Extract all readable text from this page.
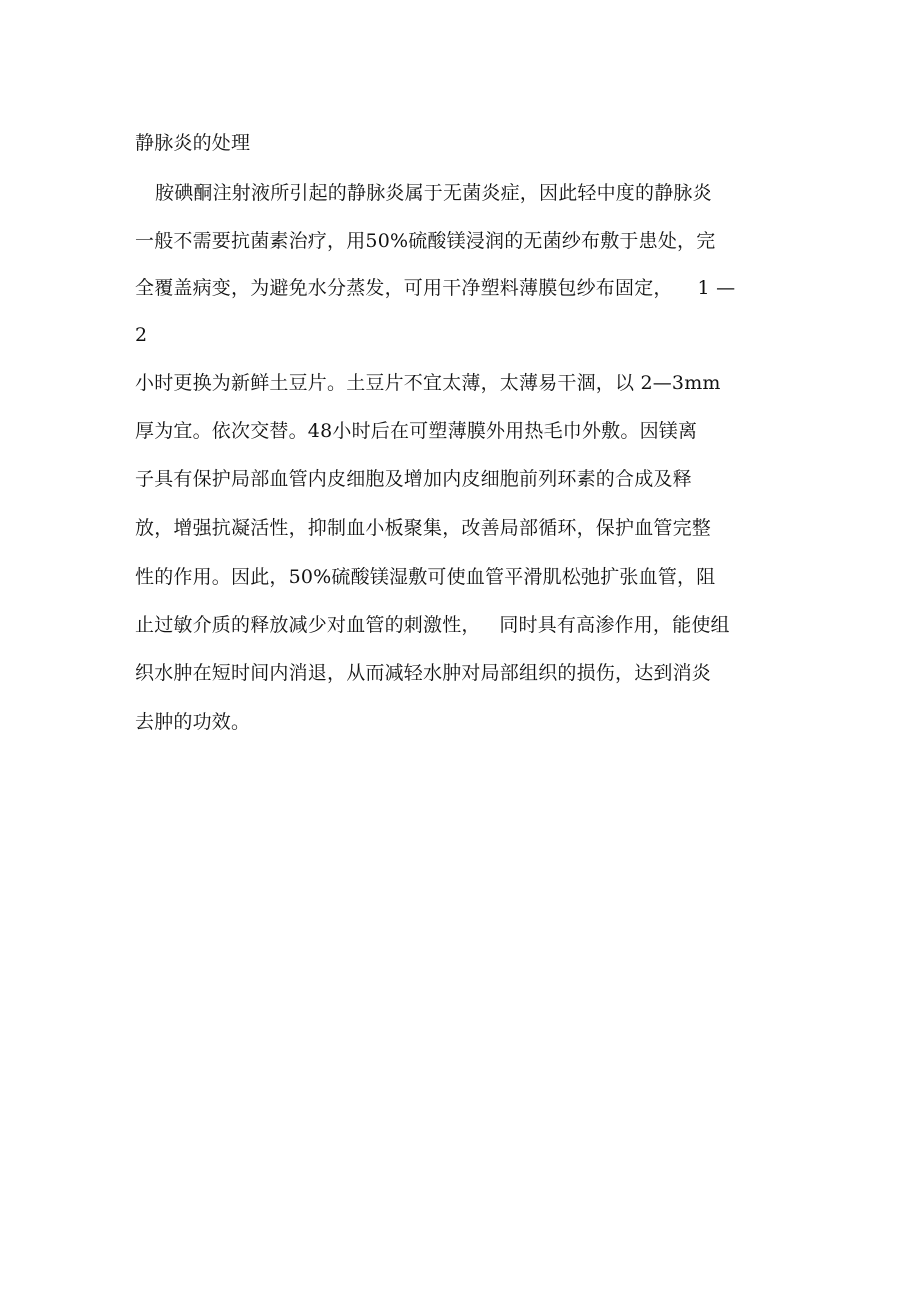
静脉炎的处理
胺碘酮注射液所引起的静脉炎属于无菌炎症，因此轻中度的静脉炎
一般不需要抗菌素治疗，用50%硫酸镁浸润的无菌纱布敷于患处，完
全覆盖病变，为避免水分蒸发，可用干净塑料薄膜包纱布固定，    1 —
2
小时更换为新鲜土豆片。土豆片不宜太薄，太薄易干涸，以 2—3mm
厚为宜。依次交替。48小时后在可塑薄膜外用热毛巾外敷。因镁离
子具有保护局部血管内皮细胞及增加内皮细胞前列环素的合成及释
放，增强抗凝活性，抑制血小板聚集，改善局部循环，保护血管完整
性的作用。因此，50%硫酸镁湿敷可使血管平滑肌松弛扩张血管，阻
止过敏介质的释放减少对血管的刺激性，   同时具有高渗作用，能使组
织水肿在短时间内消退，从而减轻水肿对局部组织的损伤，达到消炎
去肿的功效。
